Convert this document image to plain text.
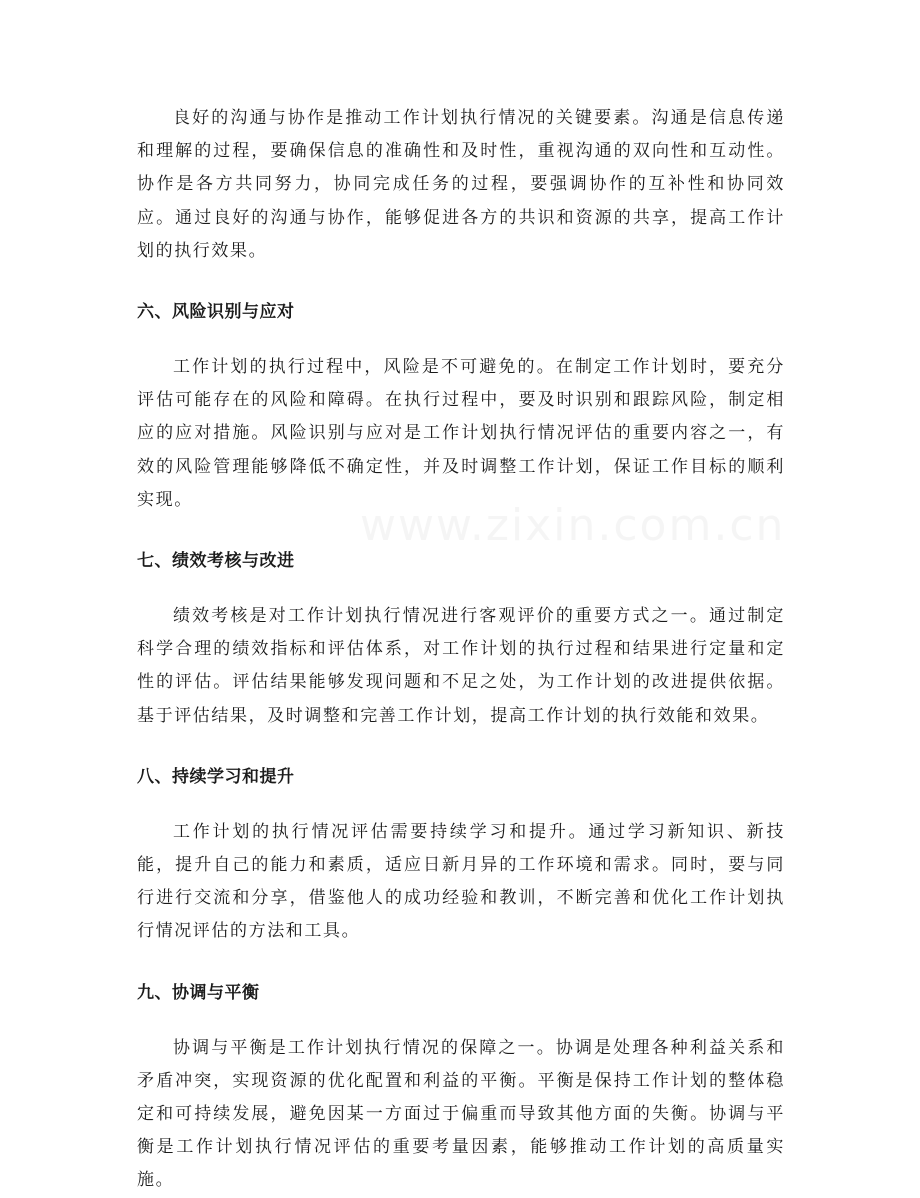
良好的沟通与协作是推动工作计划执行情况的关键要素。沟通是信息传递和理解的过程，要确保信息的准确性和及时性，重视沟通的双向性和互动性。协作是各方共同努力，协同完成任务的过程，要强调协作的互补性和协同效应。通过良好的沟通与协作，能够促进各方的共识和资源的共享，提高工作计划的执行效果。

六、风险识别与应对

工作计划的执行过程中，风险是不可避免的。在制定工作计划时，要充分评估可能存在的风险和障碍。在执行过程中，要及时识别和跟踪风险，制定相应的应对措施。风险识别与应对是工作计划执行情况评估的重要内容之一，有效的风险管理能够降低不确定性，并及时调整工作计划，保证工作目标的顺利实现。

七、绩效考核与改进

绩效考核是对工作计划执行情况进行客观评价的重要方式之一。通过制定科学合理的绩效指标和评估体系，对工作计划的执行过程和结果进行定量和定性的评估。评估结果能够发现问题和不足之处，为工作计划的改进提供依据。基于评估结果，及时调整和完善工作计划，提高工作计划的执行效能和效果。

八、持续学习和提升

工作计划的执行情况评估需要持续学习和提升。通过学习新知识、新技能，提升自己的能力和素质，适应日新月异的工作环境和需求。同时，要与同行进行交流和分享，借鉴他人的成功经验和教训，不断完善和优化工作计划执行情况评估的方法和工具。

九、协调与平衡

协调与平衡是工作计划执行情况的保障之一。协调是处理各种利益关系和矛盾冲突，实现资源的优化配置和利益的平衡。平衡是保持工作计划的整体稳定和可持续发展，避免因某一方面过于偏重而导致其他方面的失衡。协调与平衡是工作计划执行情况评估的重要考量因素，能够推动工作计划的高质量实施。

www.zixin.com.cn
